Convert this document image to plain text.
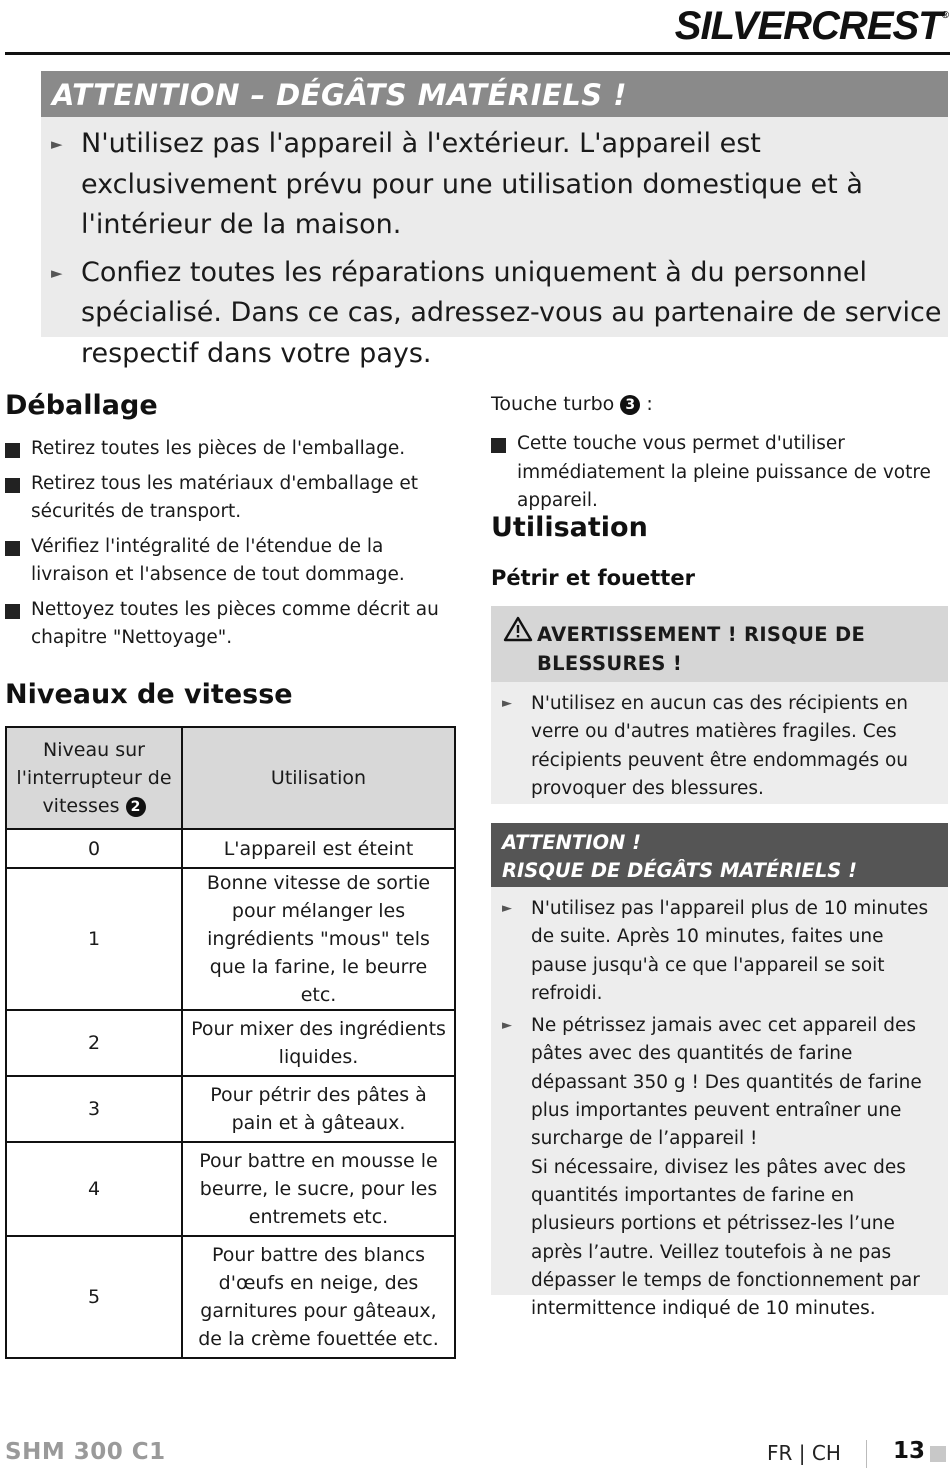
SILVERCREST®
ATTENTION – DÉGÂTS MATÉRIELS !
► N'utilisez pas l'appareil à l'extérieur. L'appareil est exclusivement prévu pour une utilisation domestique et à l'intérieur de la maison.
► Confiez toutes les réparations uniquement à du personnel spécialisé. Dans ce cas, adressez-vous au partenaire de service respectif dans votre pays.
Déballage
Retirez toutes les pièces de l'emballage.
Retirez tous les matériaux d'emballage et sécurités de transport.
Vérifiez l'intégralité de l'étendue de la livraison et l'absence de tout dommage.
Nettoyez toutes les pièces comme décrit au chapitre "Nettoyage".
Niveaux de vitesse
Niveau sur l'interrupteur de vitesses 2	Utilisation
0	L'appareil est éteint
1	Bonne vitesse de sortie pour mélanger les ingrédients "mous" tels que la farine, le beurre etc.
2	Pour mixer des ingrédients liquides.
3	Pour pétrir des pâtes à pain et à gâteaux.
4	Pour battre en mousse le beurre, le sucre, pour les entremets etc.
5	Pour battre des blancs d'œufs en neige, des garnitures pour gâteaux, de la crème fouettée etc.
Touche turbo 3 :
Cette touche vous permet d'utiliser immédiatement la pleine puissance de votre appareil.
Utilisation
Pétrir et fouetter
AVERTISSEMENT ! RISQUE DE
BLESSURES !
► N'utilisez en aucun cas des récipients en verre ou d'autres matières fragiles. Ces récipients peuvent être endommagés ou provoquer des blessures.
ATTENTION !
RISQUE DE DÉGÂTS MATÉRIELS !
► N'utilisez pas l'appareil plus de 10 minutes de suite. Après 10 minutes, faites une pause jusqu'à ce que l'appareil se soit refroidi.
► Ne pétrissez jamais avec cet appareil des pâtes avec des quantités de farine dépassant 350 g ! Des quantités de farine plus importantes peuvent entraîner une surcharge de l’appareil !
Si nécessaire, divisez les pâtes avec des quantités importantes de farine en plusieurs portions et pétrissez-les l’une après l’autre. Veillez toutefois à ne pas dépasser le temps de fonctionnement par intermittence indiqué de 10 minutes.
SHM 300 C1	FR | CH 13
